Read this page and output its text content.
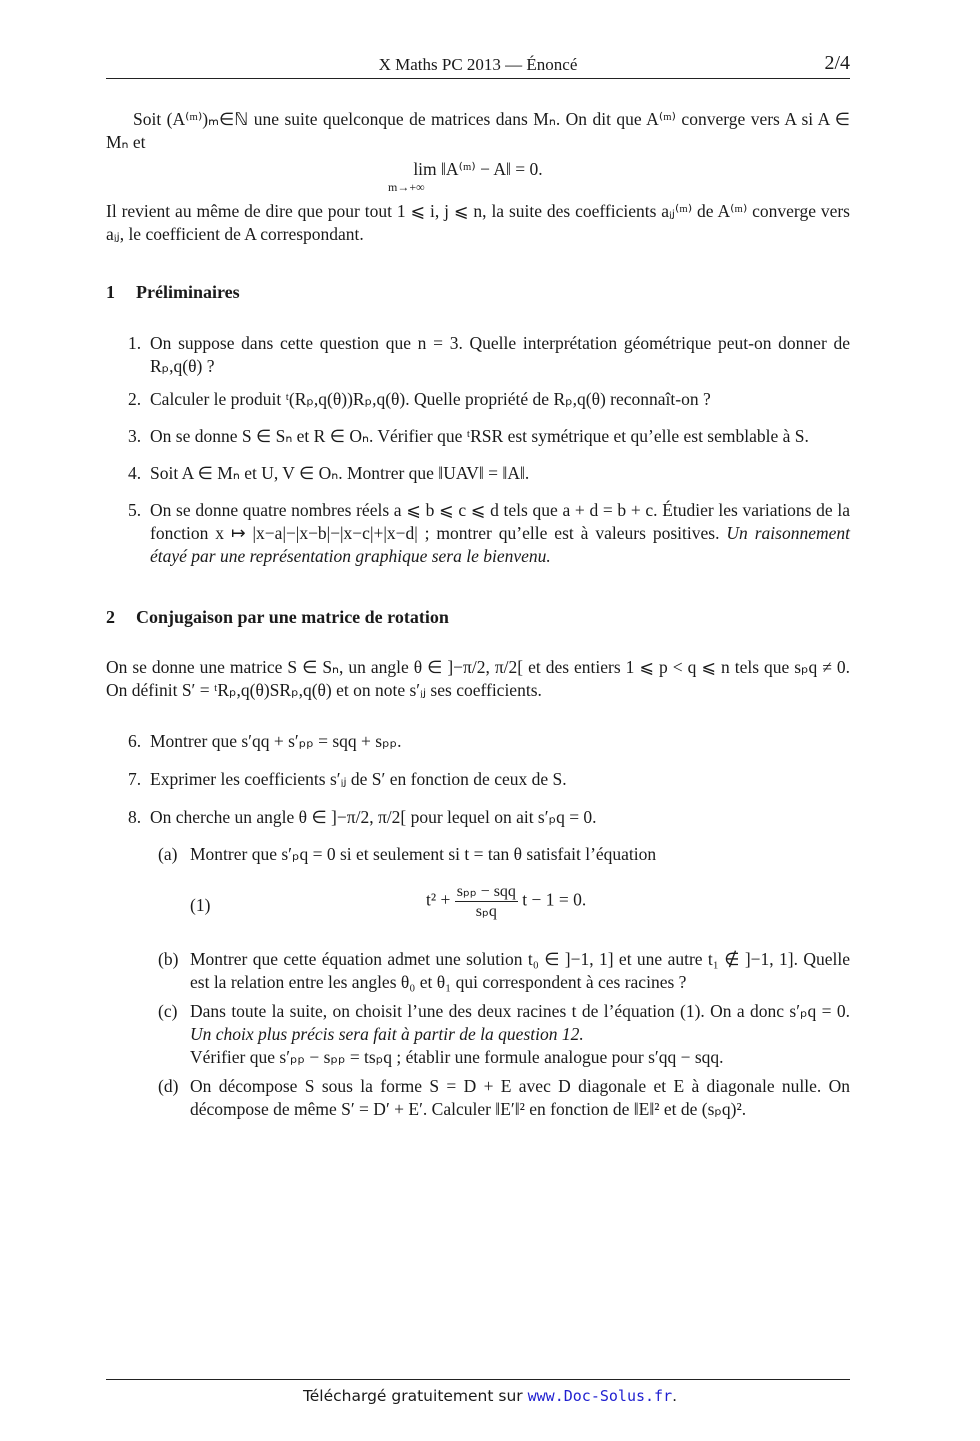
X Maths PC 2013 — Énoncé	2/4

Soit (A⁽ᵐ⁾)ₘ∈ℕ une suite quelconque de matrices dans Mₙ. On dit que A⁽ᵐ⁾ converge vers A si A ∈ Mₙ et

lim ‖A⁽ᵐ⁾ − A‖ = 0.
m→+∞

Il revient au même de dire que pour tout 1 ⩽ i, j ⩽ n, la suite des coefficients aᵢⱼ⁽ᵐ⁾ de A⁽ᵐ⁾ converge vers aᵢⱼ, le coefficient de A correspondant.

1 Préliminaires
1. On suppose dans cette question que n = 3. Quelle interprétation géométrique peut-on donner de Rₚ,q(θ) ?
2. Calculer le produit ᵗ(Rₚ,q(θ))Rₚ,q(θ). Quelle propriété de Rₚ,q(θ) reconnaît-on ?
3. On se donne S ∈ Sₙ et R ∈ Oₙ. Vérifier que ᵗRSR est symétrique et qu’elle est semblable à S.
4. Soit A ∈ Mₙ et U, V ∈ Oₙ. Montrer que ‖UAV‖ = ‖A‖.
5. On se donne quatre nombres réels a ⩽ b ⩽ c ⩽ d tels que a + d = b + c. Étudier les variations de la fonction x ↦ |x−a|−|x−b|−|x−c|+|x−d| ; montrer qu’elle est à valeurs positives. Un raisonnement étayé par une représentation graphique sera le bienvenu.
2 Conjugaison par une matrice de rotation

On se donne une matrice S ∈ Sₙ, un angle θ ∈ ]−π/2, π/2[ et des entiers 1 ⩽ p < q ⩽ n tels que sₚq ≠ 0. On définit S′ = ᵗRₚ,q(θ)SRₚ,q(θ) et on note s′ᵢⱼ ses coefficients.

6. Montrer que s′qq + s′ₚₚ = sqq + sₚₚ.
7. Exprimer les coefficients s′ᵢⱼ de S′ en fonction de ceux de S.
8. On cherche un angle θ ∈ ]−π/2, π/2[ pour lequel on ait s′ₚq = 0.
(a) Montrer que s′ₚq = 0 si et seulement si t = tan θ satisfait l’équation
(1)	$t^2 + \frac{\text{sₚₚ − sqq}}{\text{sₚq}}$ t − 1 = 0.
(b) Montrer que cette équation admet une solution t₀ ∈ ]−1, 1] et une autre t₁ ∉ ]−1, 1]. Quelle est la relation entre les angles θ₀ et θ₁ qui correspondent à ces racines ?
(c) Dans toute la suite, on choisit l’une des deux racines t de l’équation (1). On a donc s′ₚq = 0. Un choix plus précis sera fait à partir de la question 12.
Vérifier que s′ₚₚ − sₚₚ = tsₚq ; établir une formule analogue pour s′qq − sqq.
(d) On décompose S sous la forme S = D + E avec D diagonale et E à diagonale nulle. On décompose de même S′ = D′ + E′. Calculer ‖E′‖² en fonction de ‖E‖² et de (sₚq)².
Téléchargé gratuitement sur www.Doc-Solus.fr.
